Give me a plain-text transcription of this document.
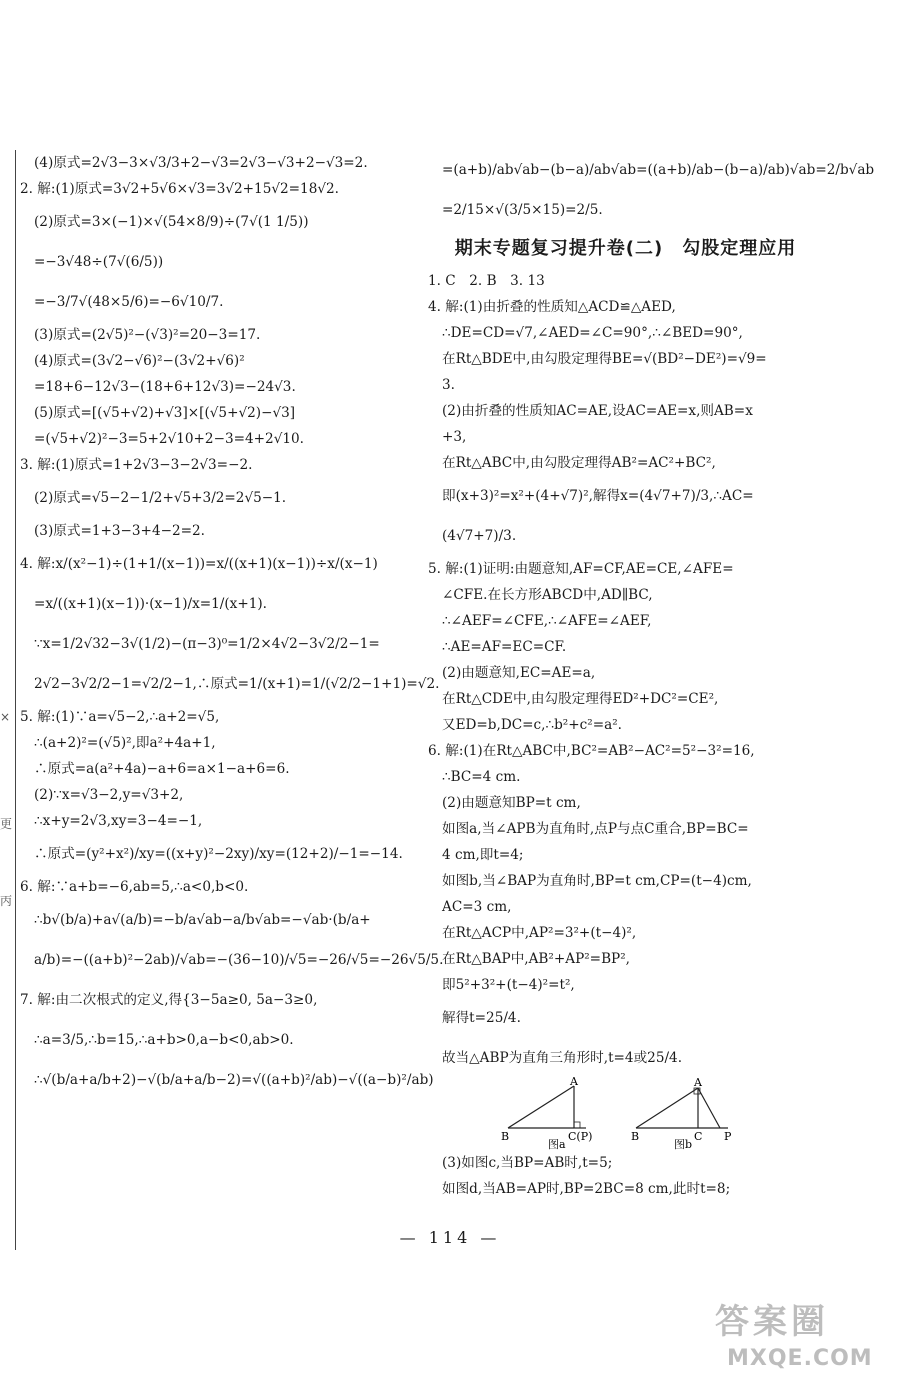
×
更
丙
(4)原式=2√3−3×√3/3+2−√3=2√3−√3+2−√3=2.
2. 解:(1)原式=3√2+5√6×√3=3√2+15√2=18√2.
(2)原式=3×(−1)×√(54×8/9)÷(7√(1 1/5))
=−3√48÷(7√(6/5))
=−3/7√(48×5/6)=−6√10/7.
(3)原式=(2√5)²−(√3)²=20−3=17.
(4)原式=(3√2−√6)²−(3√2+√6)²
=18+6−12√3−(18+6+12√3)=−24√3.
(5)原式=[(√5+√2)+√3]×[(√5+√2)−√3]
=(√5+√2)²−3=5+2√10+2−3=4+2√10.
3. 解:(1)原式=1+2√3−3−2√3=−2.
(2)原式=√5−2−1/2+√5+3/2=2√5−1.
(3)原式=1+3−3+4−2=2.
4. 解:x/(x²−1)÷(1+1/(x−1))=x/((x+1)(x−1))÷x/(x−1)
=x/((x+1)(x−1))·(x−1)/x=1/(x+1).
∵x=1/2√32−3√(1/2)−(π−3)⁰=1/2×4√2−3√2/2−1=
2√2−3√2/2−1=√2/2−1,∴原式=1/(x+1)=1/(√2/2−1+1)=√2.
5. 解:(1)∵a=√5−2,∴a+2=√5,
∴(a+2)²=(√5)²,即a²+4a+1,
∴原式=a(a²+4a)−a+6=a×1−a+6=6.
(2)∵x=√3−2,y=√3+2,
∴x+y=2√3,xy=3−4=−1,
∴原式=(y²+x²)/xy=((x+y)²−2xy)/xy=(12+2)/−1=−14.
6. 解:∵a+b=−6,ab=5,∴a<0,b<0.
∴b√(b/a)+a√(a/b)=−b/a√ab−a/b√ab=−√ab·(b/a+
a/b)=−((a+b)²−2ab)/√ab=−(36−10)/√5=−26/√5=−26√5/5.
7. 解:由二次根式的定义,得{3−5a≥0, 5a−3≥0,
∴a=3/5,∴b=15,∴a+b>0,a−b<0,ab>0.
∴√(b/a+a/b+2)−√(b/a+a/b−2)=√((a+b)²/ab)−√((a−b)²/ab)
=(a+b)/ab√ab−(b−a)/ab√ab=((a+b)/ab−(b−a)/ab)√ab=2/b√ab
=2/15×√(3/5×15)=2/5.
期末专题复习提升卷(二)　勾股定理应用
1. C　2. B　3. 13
4. 解:(1)由折叠的性质知△ACD≌△AED,
∴DE=CD=√7,∠AED=∠C=90°,∴∠BED=90°,
在Rt△BDE中,由勾股定理得BE=√(BD²−DE²)=√9=
3.
(2)由折叠的性质知AC=AE,设AC=AE=x,则AB=x
+3,
在Rt△ABC中,由勾股定理得AB²=AC²+BC²,
即(x+3)²=x²+(4+√7)²,解得x=(4√7+7)/3,∴AC=
(4√7+7)/3.
5. 解:(1)证明:由题意知,AF=CF,AE=CE,∠AFE=
∠CFE.在长方形ABCD中,AD∥BC,
∴∠AEF=∠CFE,∴∠AFE=∠AEF,
∴AE=AF=EC=CF.
(2)由题意知,EC=AE=a,
在Rt△CDE中,由勾股定理得ED²+DC²=CE²,
又ED=b,DC=c,∴b²+c²=a².
6. 解:(1)在Rt△ABC中,BC²=AB²−AC²=5²−3²=16,
∴BC=4 cm.
(2)由题意知BP=t cm,
如图a,当∠APB为直角时,点P与点C重合,BP=BC=
4 cm,即t=4;
如图b,当∠BAP为直角时,BP=t cm,CP=(t−4)cm,
AC=3 cm,
在Rt△ACP中,AP²=3²+(t−4)²,
在Rt△BAP中,AB²+AP²=BP²,
即5²+3²+(t−4)²=t²,
解得t=25/4.
故当△ABP为直角三角形时,t=4或25/4.
A
B	C(P)
图a
A
B	C P
图b
(3)如图c,当BP=AB时,t=5;
如图d,当AB=AP时,BP=2BC=8 cm,此时t=8;
— 114 —
答案圈
MXQE.COM
